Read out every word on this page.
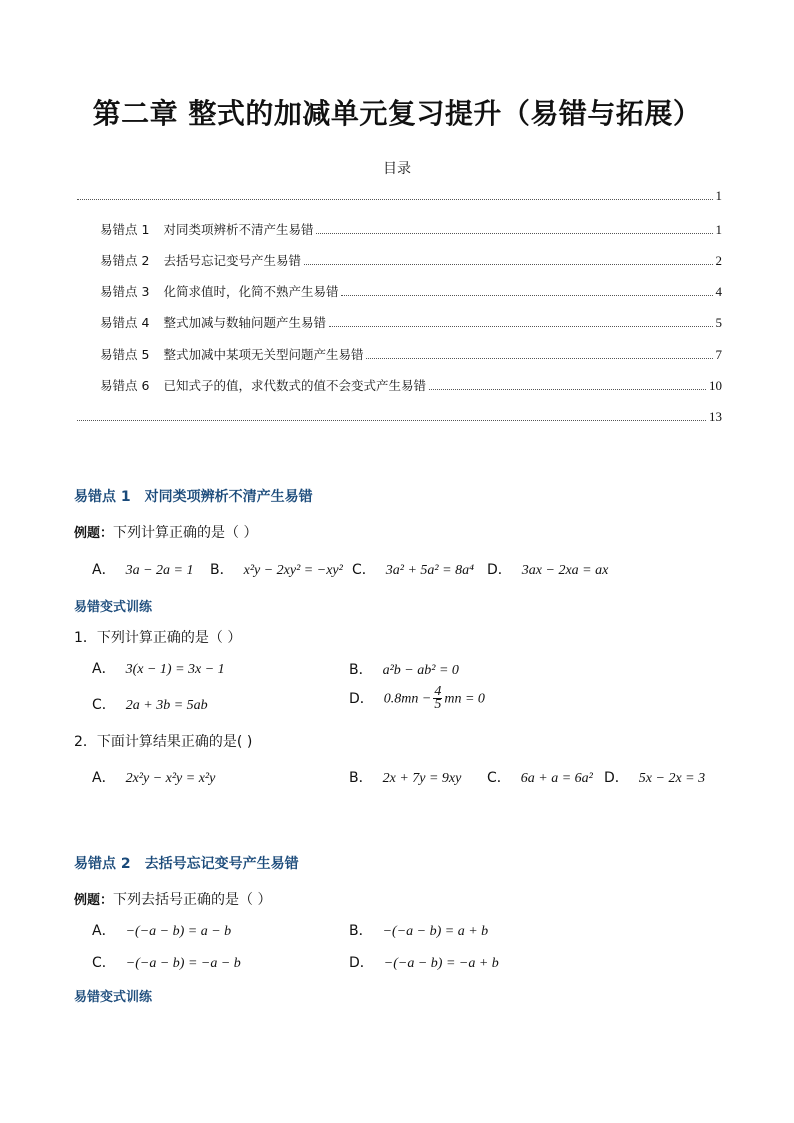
第二章 整式的加减单元复习提升（易错与拓展）
目录
1
易错点 1 对同类项辨析不清产生易错	1
易错点 2 去括号忘记变号产生易错	2
易错点 3 化简求值时，化简不熟产生易错	4
易错点 4 整式加减与数轴问题产生易错	5
易错点 5 整式加减中某项无关型问题产生易错	7
易错点 6 已知式子的值，求代数式的值不会变式产生易错	10
13
易错点 1 对同类项辨析不清产生易错
例题：下列计算正确的是（ ）
A． 3a − 2a = 1 B． x²y − 2xy² = −xy² C． 3a² + 5a² = 8a⁴ D． 3ax − 2xa = ax
易错变式训练
1．下列计算正确的是（ ）
A． 3(x − 1) = 3x − 1	B． a²b − ab² = 0
C． 2a + 3b = 5ab	D． $0.8mn - \frac{4}{5}$ mn = 0
2．下面计算结果正确的是( )
A． 2x²y − x²y = x²y	B． 2x + 7y = 9xy C． 6a + a = 6a² D． 5x − 2x = 3
易错点 2 去括号忘记变号产生易错
例题：下列去括号正确的是（ ）
A． −(−a − b) = a − b	B． −(−a − b) = a + b
C． −(−a − b) = −a − b	D． −(−a − b) = −a + b
易错变式训练
